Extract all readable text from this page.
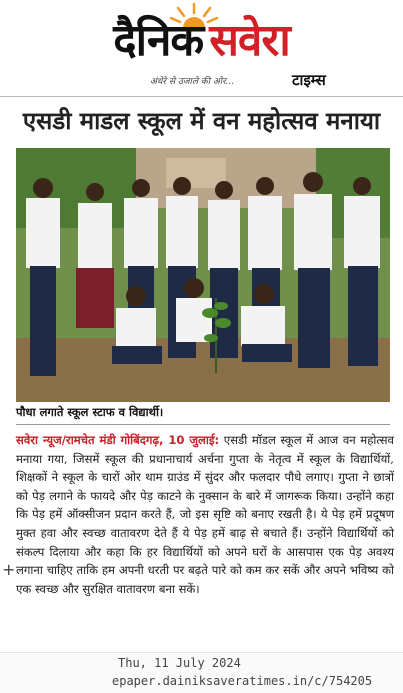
दैनिक सवेरा
अंधेरे से उजाले की ओर...	टाइम्स
एसडी माडल स्कूल में वन महोत्सव मनाया
पौधा लगाते स्कूल स्टाफ व विद्यार्थी।

सवेरा न्यूज/रामचेत मंडी गोबिंदगढ़, 10 जुलाई: एसडी मॉडल स्कूल में आज वन महोत्सव मनाया गया, जिसमें स्कूल की प्रधानाचार्य अर्चना गुप्ता के नेतृत्व में स्कूल के विद्यार्थियों, शिक्षकों ने स्कूल के चारों ओर थाम ग्राउंड में सुंदर और फलदार पौधे लगाए। गुप्ता ने छात्रों को पेड़ लगाने के फायदे और पेड़ काटने के नुक्सान के बारे में जागरूक किया। उन्होंने कहा कि पेड़ हमें ऑक्सीजन प्रदान करते हैं, जो इस सृष्टि को बनाए रखती है। ये पेड़ हमें प्रदूषण मुक्त हवा और स्वच्छ वातावरण देते हैं ये पेड़ हमें बाढ़ से बचाते हैं। उन्होंने विद्यार्थियों को संकल्प दिलाया और कहा कि हर विद्यार्थियों को अपने घरों के आसपास एक पेड़ अवश्य लगाना चाहिए ताकि हम अपनी धरती पर बढ़ते पारे को कम कर सकें और अपने भविष्य को एक स्वच्छ और सुरक्षित वातावरण बना सकें।

+
Thu, 11 July 2024
epaper.dainiksaveratimes.in/c/754205
